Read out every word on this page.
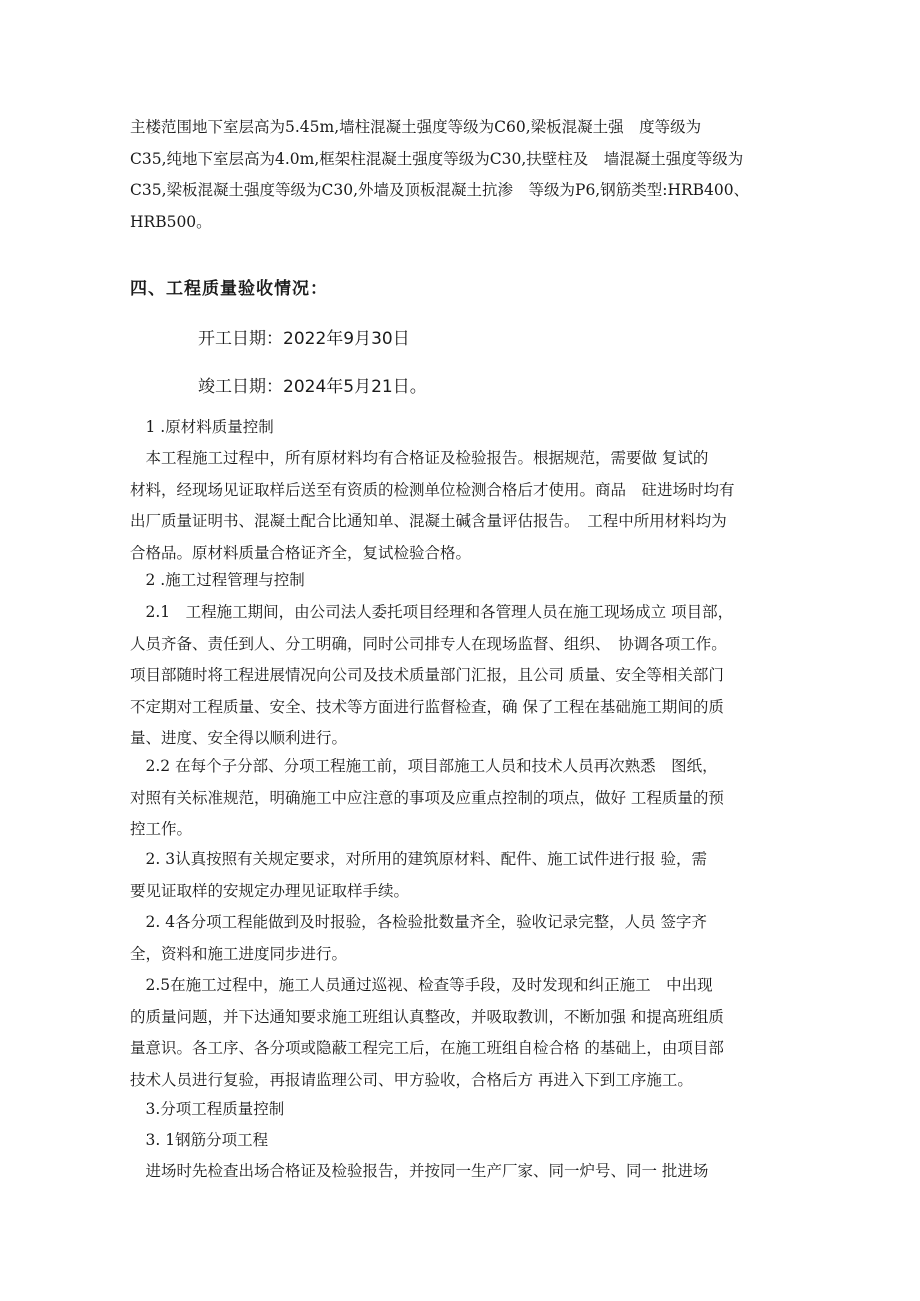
主楼范围地下室层高为5.45m,墙柱混凝土强度等级为C60,梁板混凝土强　度等级为
C35,纯地下室层高为4.0m,框架柱混凝土强度等级为C30,扶壁柱及　墙混凝土强度等级为
C35,梁板混凝土强度等级为C30,外墙及顶板混凝土抗渗　等级为P6,钢筋类型:HRB400、
HRB500。

四、工程质量验收情况：

开工日期：2022年9月30日

竣工日期：2024年5月21日。

　1 .原材料质量控制
　本工程施工过程中，所有原材料均有合格证及检验报告。根据规范，需要做 复试的
材料，经现场见证取样后送至有资质的检测单位检测合格后才使用。商品　砫进场时均有
出厂质量证明书、混凝土配合比通知单、混凝土碱含量评估报告。　工程中所用材料均为
合格品。原材料质量合格证齐全，复试检验合格。
　2 .施工过程管理与控制
　2.1　工程施工期间，由公司法人委托项目经理和各管理人员在施工现场成立 项目部，
人员齐备、责任到人、分工明确，同时公司排专人在现场监督、组织、　协调各项工作。
项目部随时将工程进展情况向公司及技术质量部门汇报，且公司 质量、安全等相关部门
不定期对工程质量、安全、技术等方面进行监督检查，确 保了工程在基础施工期间的质
量、进度、安全得以顺利进行。
　2.2 在每个子分部、分项工程施工前，项目部施工人员和技术人员再次熟悉　图纸，
对照有关标准规范，明确施工中应注意的事项及应重点控制的项点，做好 工程质量的预
控工作。
　2. 3认真按照有关规定要求，对所用的建筑原材料、配件、施工试件进行报 验，需
要见证取样的安规定办理见证取样手续。
　2. 4各分项工程能做到及时报验，各检验批数量齐全，验收记录完整，人员 签字齐
全，资料和施工进度同步进行。
　2.5在施工过程中，施工人员通过巡视、检查等手段，及时发现和纠正施工　中出现
的质量问题，并下达通知要求施工班组认真整改，并吸取教训，不断加强 和提高班组质
量意识。各工序、各分项或隐蔽工程完工后，在施工班组自检合格 的基础上，由项目部
技术人员进行复验，再报请监理公司、甲方验收，合格后方 再进入下到工序施工。
　3.分项工程质量控制
　3. 1钢筋分项工程
　进场时先检查出场合格证及检验报告，并按同一生产厂家、同一炉号、同一 批进场
